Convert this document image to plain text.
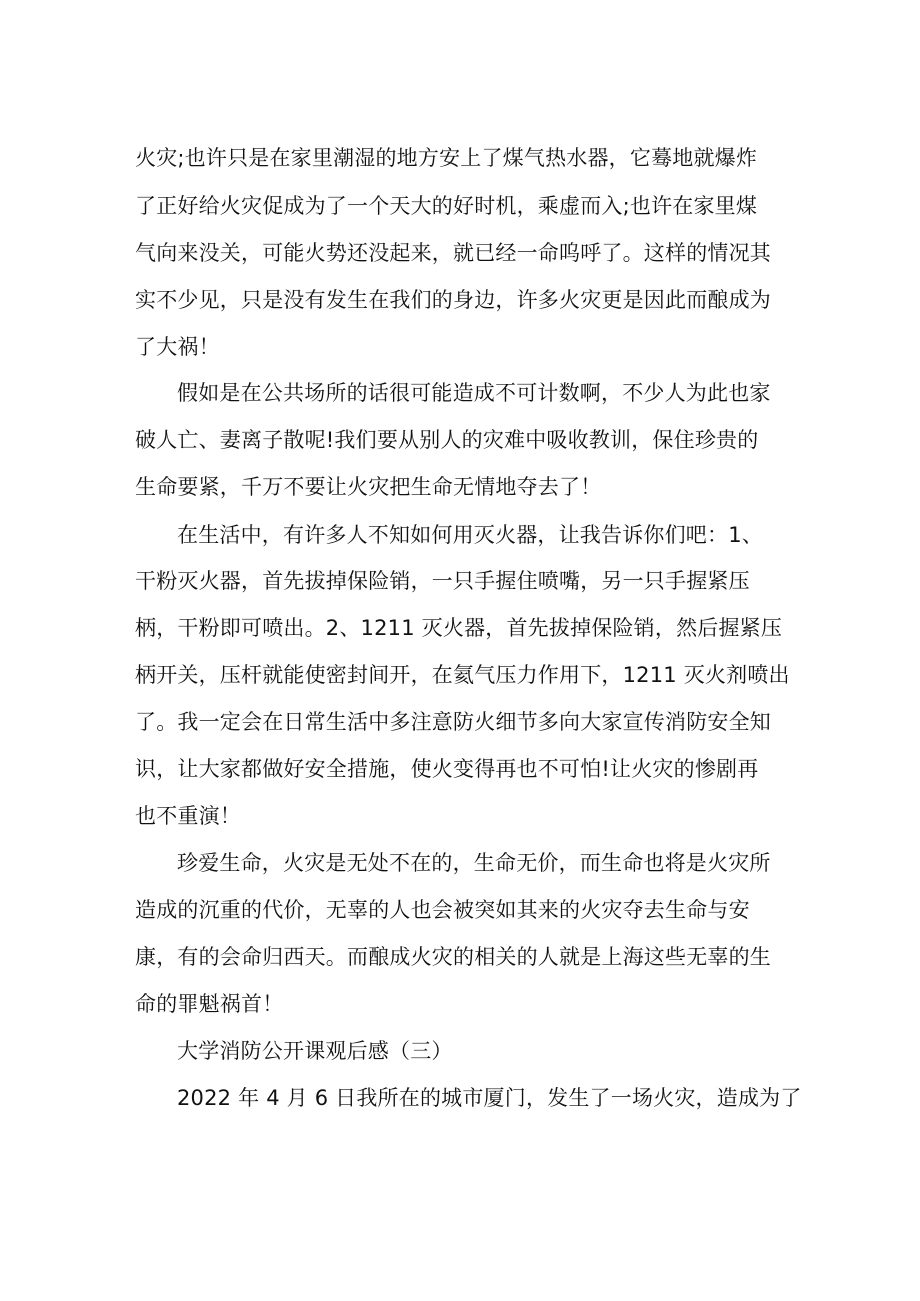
火灾;也许只是在家里潮湿的地方安上了煤气热水器，它蓦地就爆炸

了正好给火灾促成为了一个天大的好时机，乘虚而入;也许在家里煤

气向来没关，可能火势还没起来，就已经一命呜呼了。这样的情况其

实不少见，只是没有发生在我们的身边，许多火灾更是因此而酿成为

了大祸！

假如是在公共场所的话很可能造成不可计数啊，不少人为此也家

破人亡、妻离子散呢!我们要从别人的灾难中吸收教训，保住珍贵的

生命要紧，千万不要让火灾把生命无情地夺去了！

在生活中，有许多人不知如何用灭火器，让我告诉你们吧：1、

干粉灭火器，首先拔掉保险销，一只手握住喷嘴，另一只手握紧压

柄，干粉即可喷出。2、1211 灭火器，首先拔掉保险销，然后握紧压

柄开关，压杆就能使密封间开，在氦气压力作用下，1211 灭火剂喷出

了。我一定会在日常生活中多注意防火细节多向大家宣传消防安全知

识，让大家都做好安全措施，使火变得再也不可怕!让火灾的惨剧再

也不重演！

珍爱生命，火灾是无处不在的，生命无价，而生命也将是火灾所

造成的沉重的代价，无辜的人也会被突如其来的火灾夺去生命与安

康，有的会命归西天。而酿成火灾的相关的人就是上海这些无辜的生

命的罪魁祸首！

大学消防公开课观后感（三）

2022 年 4 月 6 日我所在的城市厦门，发生了一场火灾，造成为了
